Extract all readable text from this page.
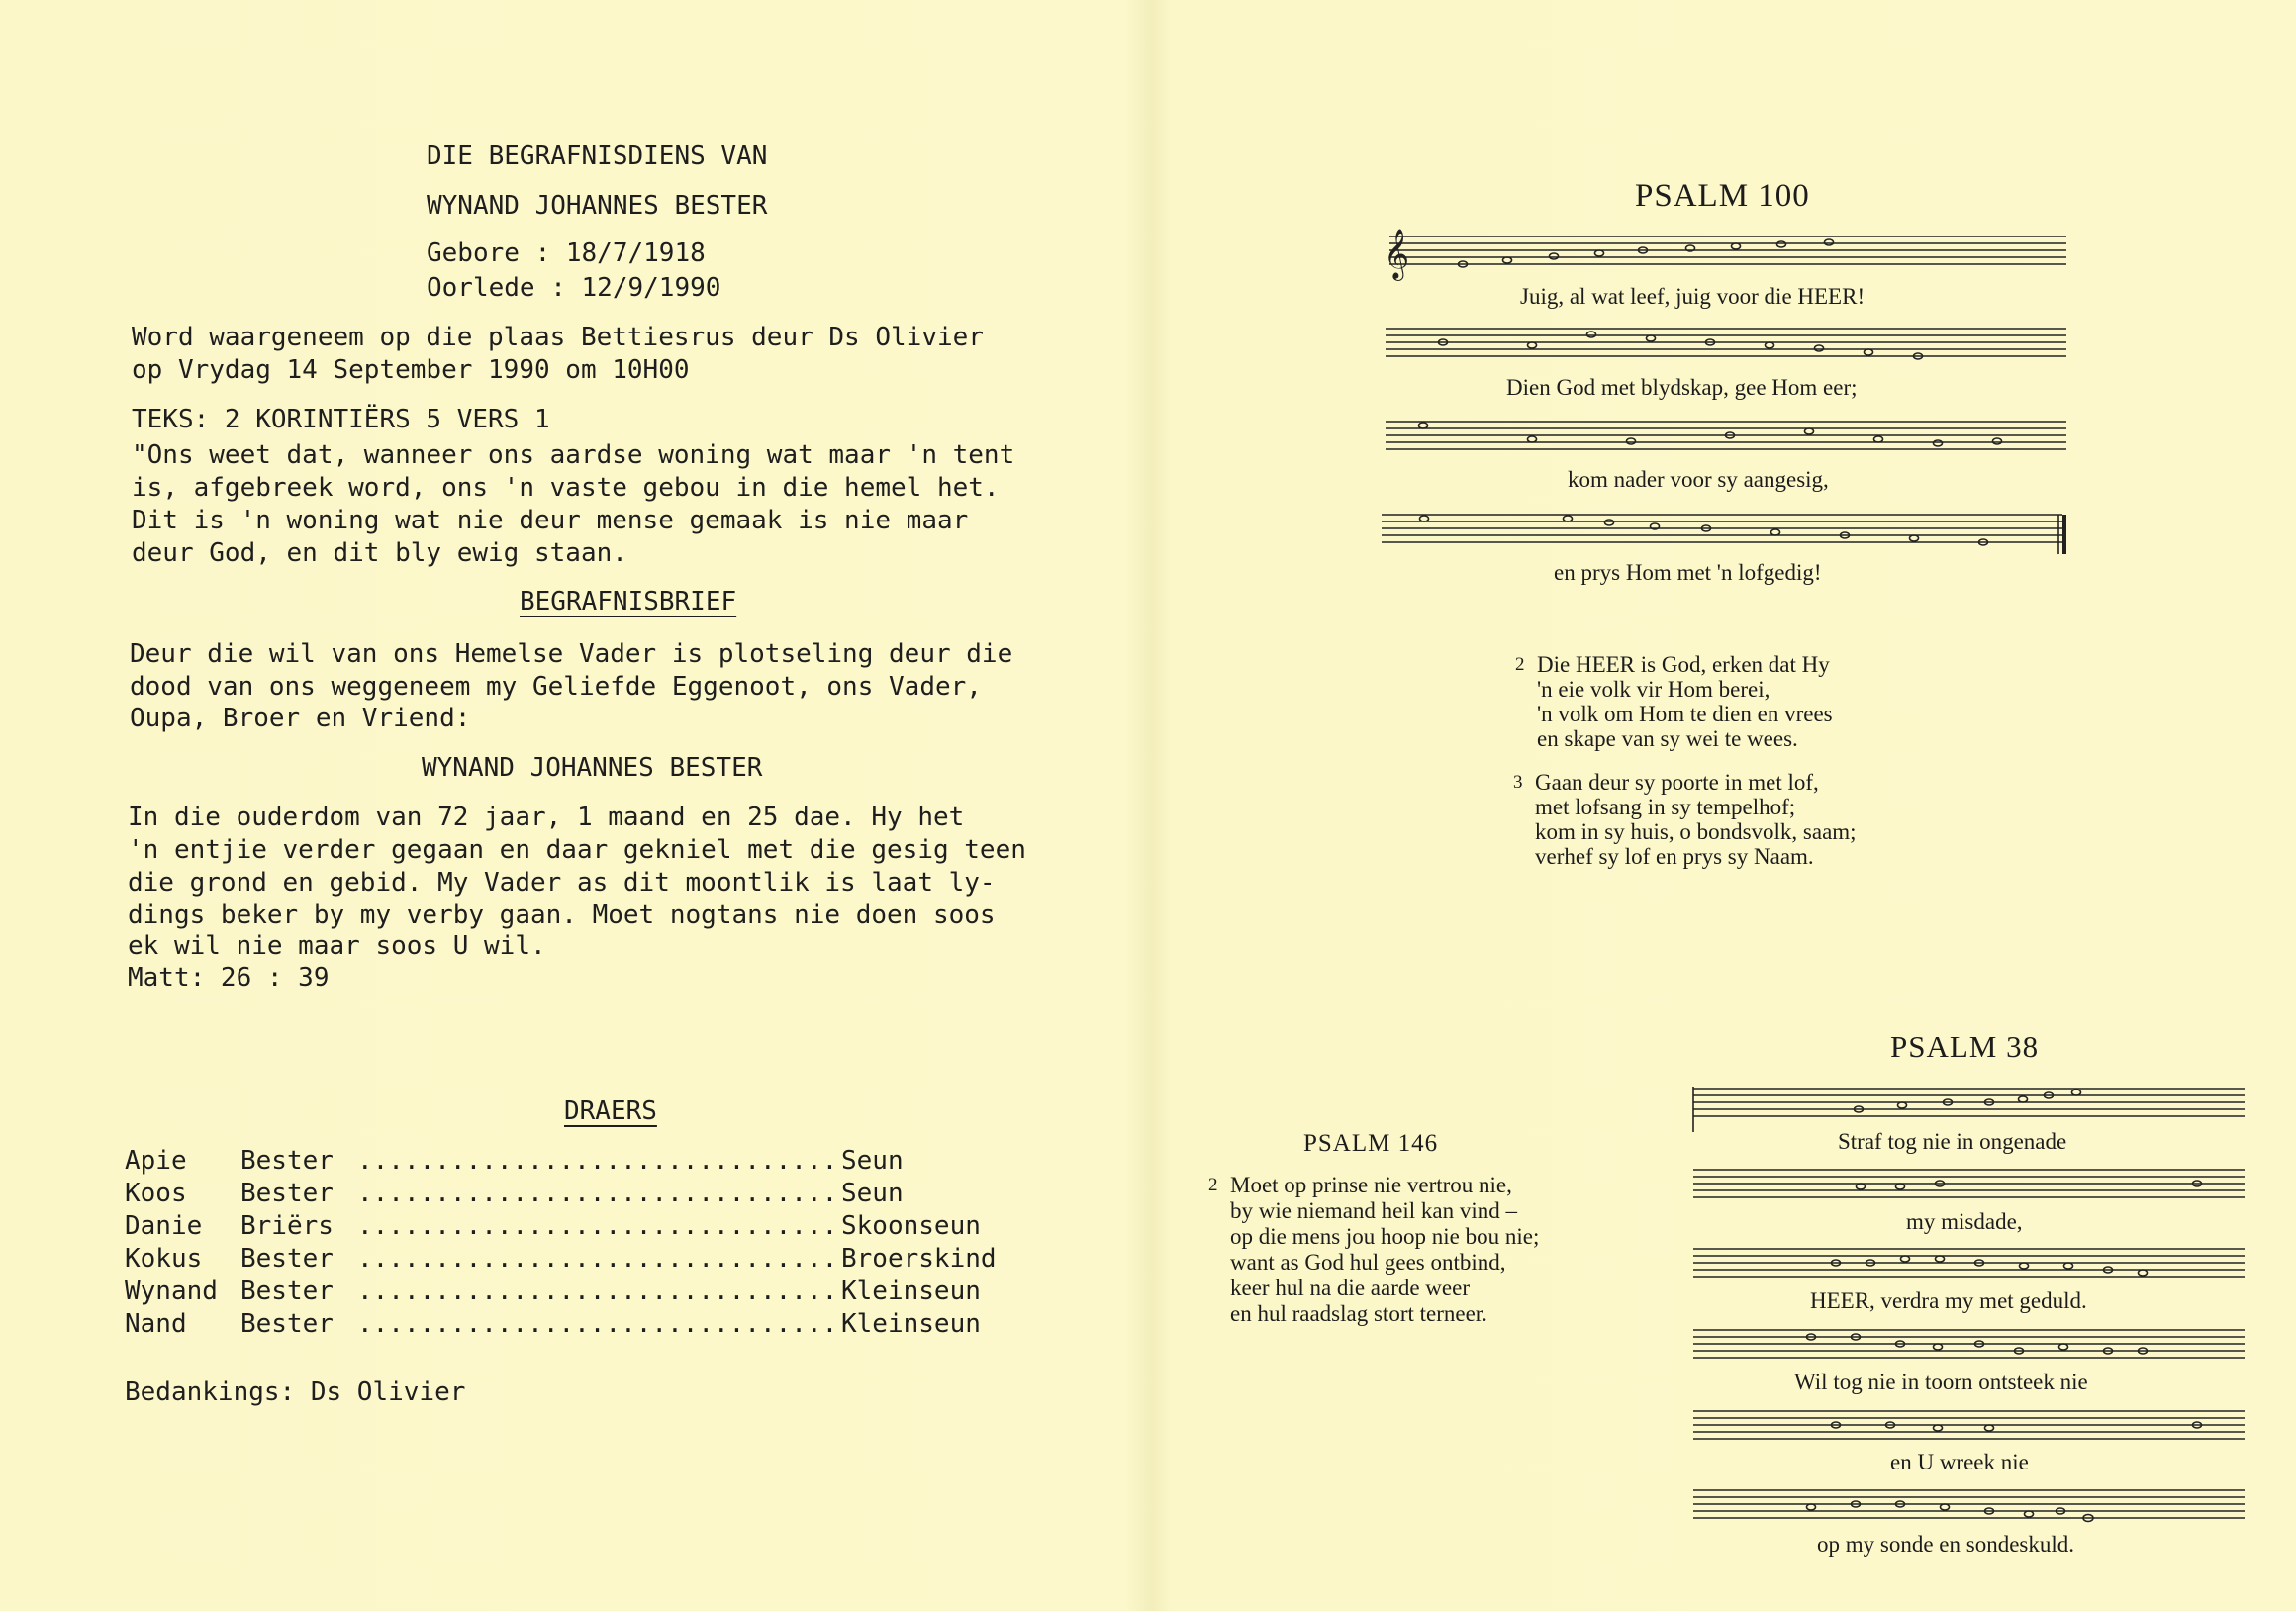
DIE BEGRAFNISDIENS VAN
WYNAND JOHANNES BESTER
Gebore : 18/7/1918
Oorlede : 12/9/1990
Word waargeneem op die plaas Bettiesrus deur Ds Olivier
op Vrydag 14 September 1990 om 10H00
TEKS: 2 KORINTIËRS 5 VERS 1
"Ons weet dat, wanneer ons aardse woning wat maar 'n tent
is, afgebreek word, ons 'n vaste gebou in die hemel het.
Dit is 'n woning wat nie deur mense gemaak is nie maar
deur God, en dit bly ewig staan.
BEGRAFNISBRIEF
Deur die wil van ons Hemelse Vader is plotseling deur die
dood van ons weggeneem my Geliefde Eggenoot, ons Vader,
Oupa, Broer en Vriend:
WYNAND JOHANNES BESTER
In die ouderdom van 72 jaar, 1 maand en 25 dae. Hy het
'n entjie verder gegaan en daar gekniel met die gesig teen
die grond en gebid. My Vader as dit moontlik is laat ly-
dings beker by my verby gaan. Moet nogtans nie doen soos
ek wil nie maar soos U wil.
Matt: 26 : 39
DRAERS
Apie Bester ............................... Seun
Koos Bester ............................... Seun
Danie Briërs ............................... Skoonseun
Kokus Bester ............................... Broerskind
Wynand Bester ............................... Kleinseun
Nand Bester ............................... Kleinseun
Bedankings: Ds Olivier
PSALM 100
𝄞
Juig, al wat leef, juig voor die HEER!
Dien God met blydskap, gee Hom eer;
kom nader voor sy aangesig,
en prys Hom met 'n lofgedig!
2 Die HEER is God, erken dat Hy
'n eie volk vir Hom berei,
'n volk om Hom te dien en vrees
en skape van sy wei te wees.
3 Gaan deur sy poorte in met lof,
met lofsang in sy tempelhof;
kom in sy huis, o bondsvolk, saam;
verhef sy lof en prys sy Naam.
PSALM 146
2 Moet op prinse nie vertrou nie,
by wie niemand heil kan vind –
op die mens jou hoop nie bou nie;
want as God hul gees ontbind,
keer hul na die aarde weer
en hul raadslag stort terneer.
PSALM 38
Straf tog nie in ongenade
my misdade,
HEER, verdra my met geduld.
Wil tog nie in toorn ontsteek nie
en U wreek nie
op my sonde en sondeskuld.
